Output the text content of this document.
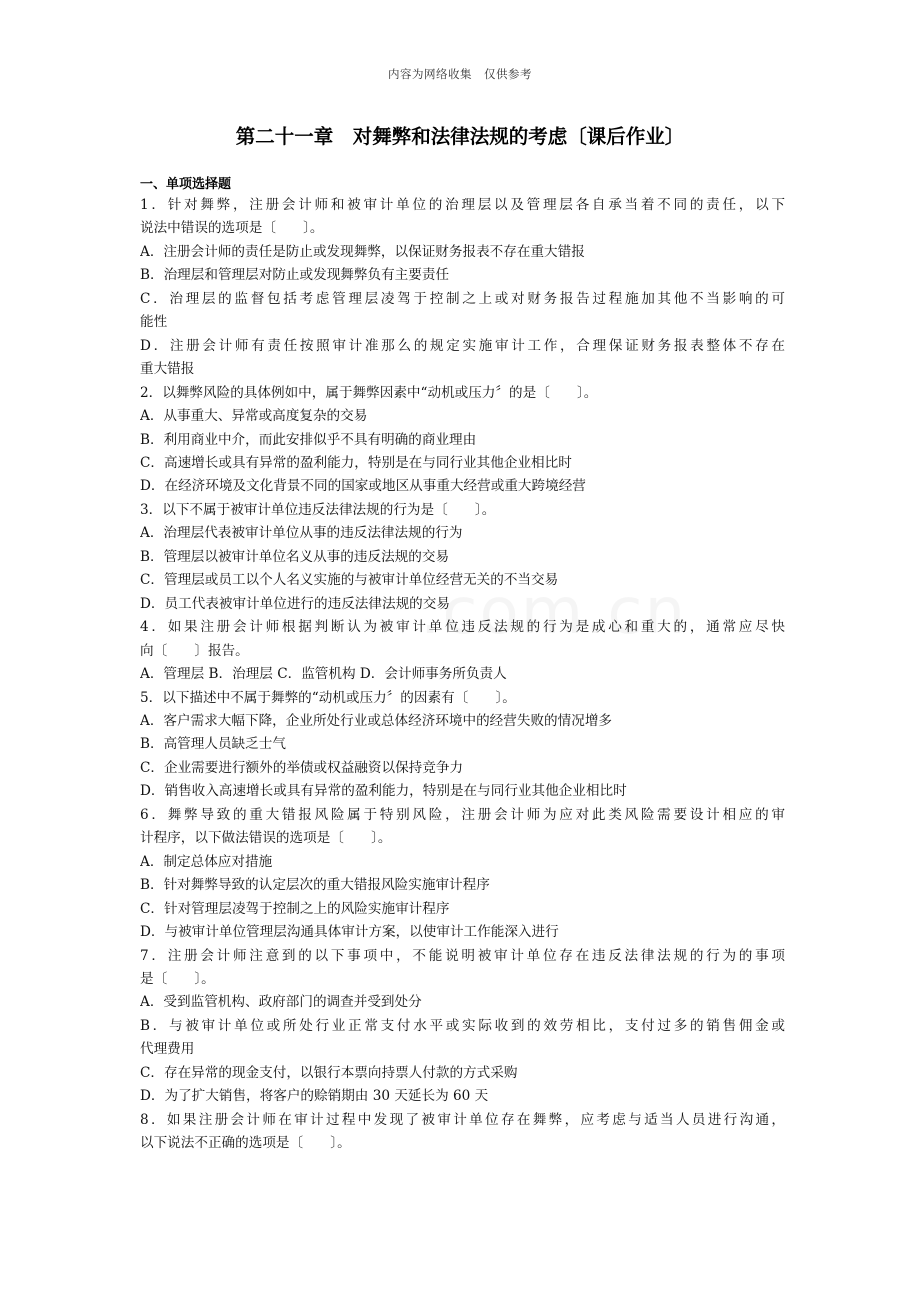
内容为网络收集　仅供参考
第二十一章　对舞弊和法律法规的考虑〔课后作业〕
一、单项选择题
1．针对舞弊，注册会计师和被审计单位的治理层以及管理层各自承当着不同的责任，以下
说法中错误的选项是〔　　〕。
A．注册会计师的责任是防止或发现舞弊，以保证财务报表不存在重大错报
B．治理层和管理层对防止或发现舞弊负有主要责任
C．治理层的监督包括考虑管理层凌驾于控制之上或对财务报告过程施加其他不当影响的可
能性
D．注册会计师有责任按照审计准那么的规定实施审计工作，合理保证财务报表整体不存在
重大错报
2．以舞弊风险的具体例如中，属于舞弊因素中“动机或压力〞的是〔　　〕。
A．从事重大、异常或高度复杂的交易
B．利用商业中介，而此安排似乎不具有明确的商业理由
C．高速增长或具有异常的盈利能力，特别是在与同行业其他企业相比时
D．在经济环境及文化背景不同的国家或地区从事重大经营或重大跨境经营
3．以下不属于被审计单位违反法律法规的行为是〔　　〕。
A．治理层代表被审计单位从事的违反法律法规的行为
B．管理层以被审计单位名义从事的违反法规的交易
C．管理层或员工以个人名义实施的与被审计单位经营无关的不当交易
D．员工代表被审计单位进行的违反法律法规的交易
4．如果注册会计师根据判断认为被审计单位违反法规的行为是成心和重大的，通常应尽快
向〔　　〕报告。
A．管理层 B．治理层 C．监管机构 D．会计师事务所负责人
5．以下描述中不属于舞弊的“动机或压力〞的因素有〔　　〕。
A．客户需求大幅下降，企业所处行业或总体经济环境中的经营失败的情况增多
B．高管理人员缺乏士气
C．企业需要进行额外的举债或权益融资以保持竞争力
D．销售收入高速增长或具有异常的盈利能力，特别是在与同行业其他企业相比时
6．舞弊导致的重大错报风险属于特别风险，注册会计师为应对此类风险需要设计相应的审
计程序，以下做法错误的选项是〔　　〕。
A．制定总体应对措施
B．针对舞弊导致的认定层次的重大错报风险实施审计程序
C．针对管理层凌驾于控制之上的风险实施审计程序
D．与被审计单位管理层沟通具体审计方案，以使审计工作能深入进行
7．注册会计师注意到的以下事项中，不能说明被审计单位存在违反法律法规的行为的事项
是〔　　〕。
A．受到监管机构、政府部门的调查并受到处分
B．与被审计单位或所处行业正常支付水平或实际收到的效劳相比，支付过多的销售佣金或
代理费用
C．存在异常的现金支付，以银行本票向持票人付款的方式采购
D．为了扩大销售，将客户的赊销期由 30 天延长为 60 天
8．如果注册会计师在审计过程中发现了被审计单位存在舞弊，应考虑与适当人员进行沟通，
以下说法不正确的选项是〔　　〕。
